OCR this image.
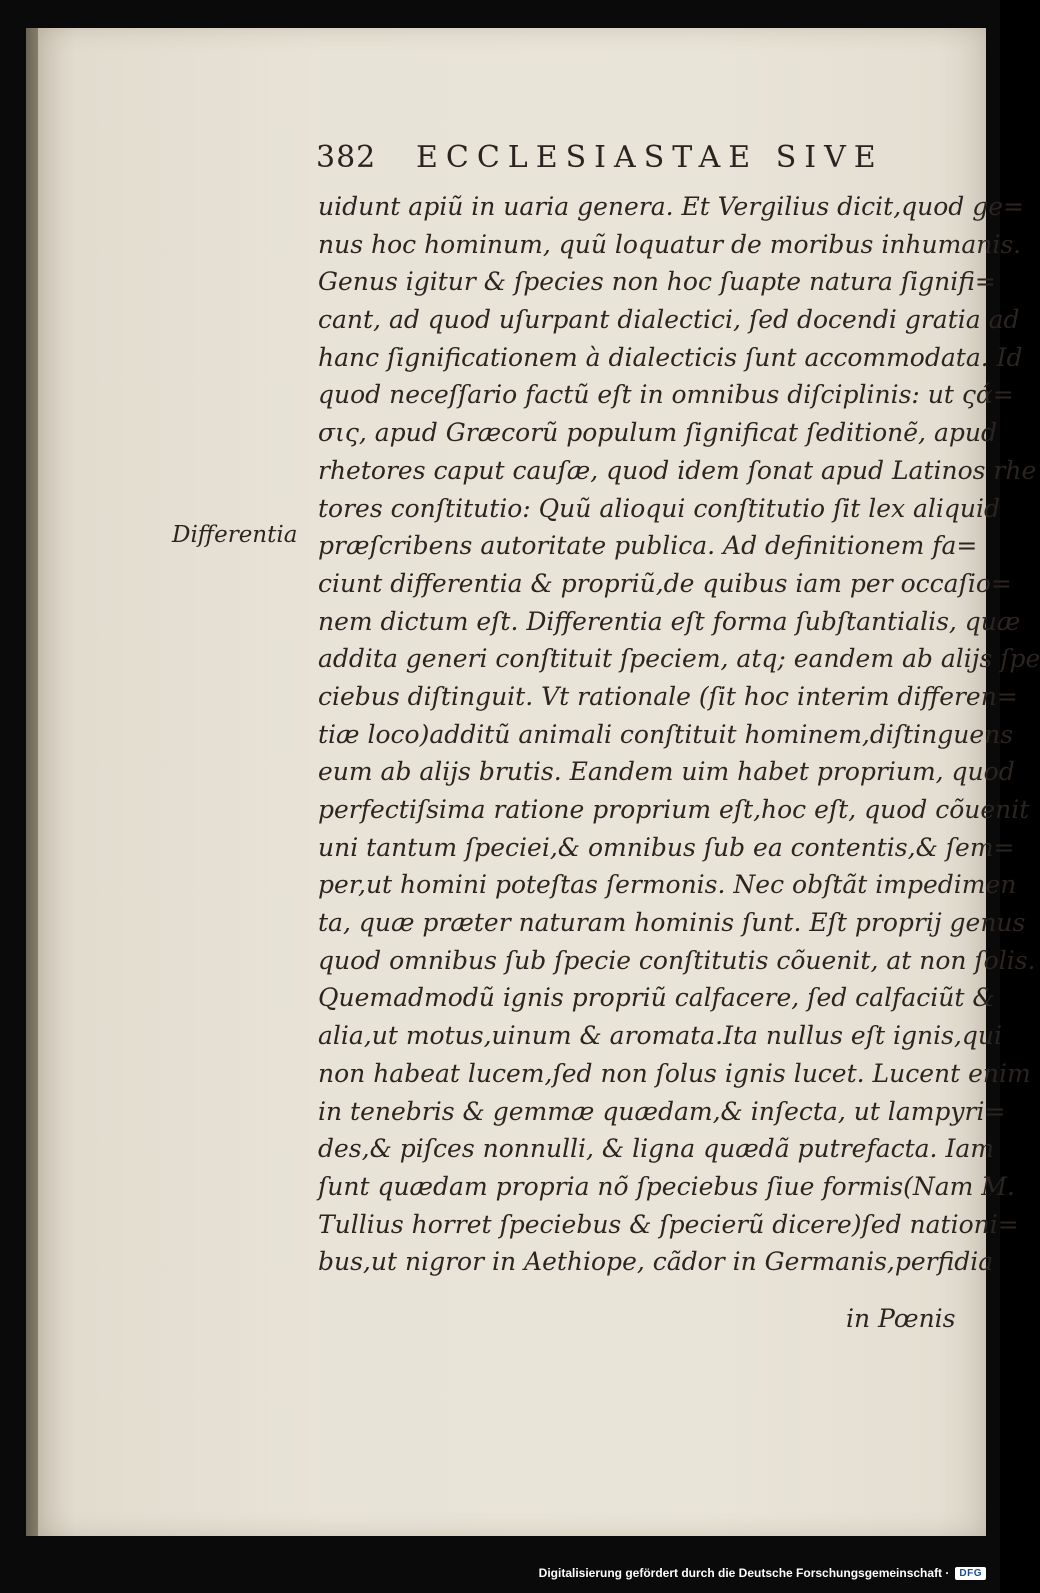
382 ECCLESIASTAE SIVE
Differentia
uidunt apiũ in uaria genera. Et Vergilius dicit,quod ge=
nus hoc hominum, quũ loquatur de moribus inhumanis.
Genus igitur & ſpecies non hoc ſuapte natura ſignifi=
cant, ad quod uſurpant dialectici, ſed docendi gratia ad
hanc ſignificationem à dialecticis ſunt accommodata. Id
quod neceſſario factũ eſt in omnibus diſciplinis: ut ςά=
σις, apud Græcorũ populum ſignificat ſeditionẽ, apud
rhetores caput cauſæ, quod idem ſonat apud Latinos rhe
tores conſtitutio: Quũ alioqui conſtitutio ſit lex aliquid
præſcribens autoritate publica. Ad definitionem fa=
ciunt differentia & propriũ,de quibus iam per occaſio=
nem dictum eſt. Differentia eſt forma ſubſtantialis, quæ
addita generi conſtituit ſpeciem, atq; eandem ab alijs ſpe
ciebus diſtinguit. Vt rationale (ſit hoc interim differen=
tiæ loco)additũ animali conſtituit hominem,diſtinguens
eum ab alijs brutis. Eandem uim habet proprium, quod
perfectiſsima ratione proprium eſt,hoc eſt, quod cõuenit
uni tantum ſpeciei,& omnibus ſub ea contentis,& ſem=
per,ut homini poteſtas ſermonis. Nec obſtãt impedimen
ta, quæ præter naturam hominis ſunt. Eſt proprij genus
quod omnibus ſub ſpecie conſtitutis cõuenit, at non ſolis.
Quemadmodũ ignis propriũ calfacere, ſed calfaciũt &
alia,ut motus,uinum & aromata.Ita nullus eſt ignis,qui
non habeat lucem,ſed non ſolus ignis lucet. Lucent enim
in tenebris & gemmæ quædam,& inſecta, ut lampyri=
des,& piſces nonnulli, & ligna quædã putrefacta. Iam
ſunt quædam propria nõ ſpeciebus ſiue formis(Nam M.
Tullius horret ſpeciebus & ſpecierũ dicere)ſed nationi=
bus,ut nigror in Aethiope, cãdor in Germanis,perfidia
in Pœnis
Digitalisierung gefördert durch die Deutsche Forschungsgemeinschaft ·	DFG
